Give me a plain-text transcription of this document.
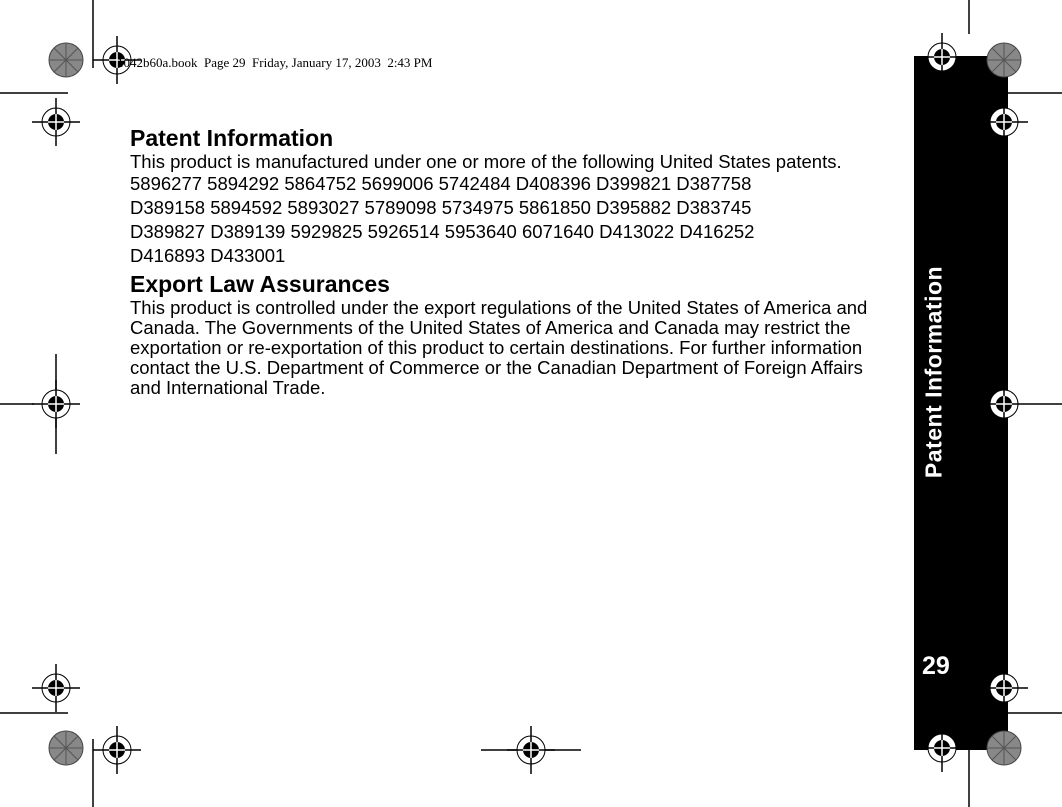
1042b60a.book  Page 29  Friday, January 17, 2003  2:43 PM
Patent Information
29
Patent Information

This product is manufactured under one or more of the following United States patents.

5896277 5894292 5864752 5699006 5742484 D408396 D399821 D387758

D389158 5894592 5893027 5789098 5734975 5861850 D395882 D383745

D389827 D389139 5929825 5926514 5953640 6071640 D413022 D416252

D416893 D433001

Export Law Assurances

This product is controlled under the export regulations of the United States of America and Canada. The Governments of the United States of America and Canada may restrict the exportation or re-exportation of this product to certain destinations. For further information contact the U.S. Department of Commerce or the Canadian Department of Foreign Affairs and International Trade.
